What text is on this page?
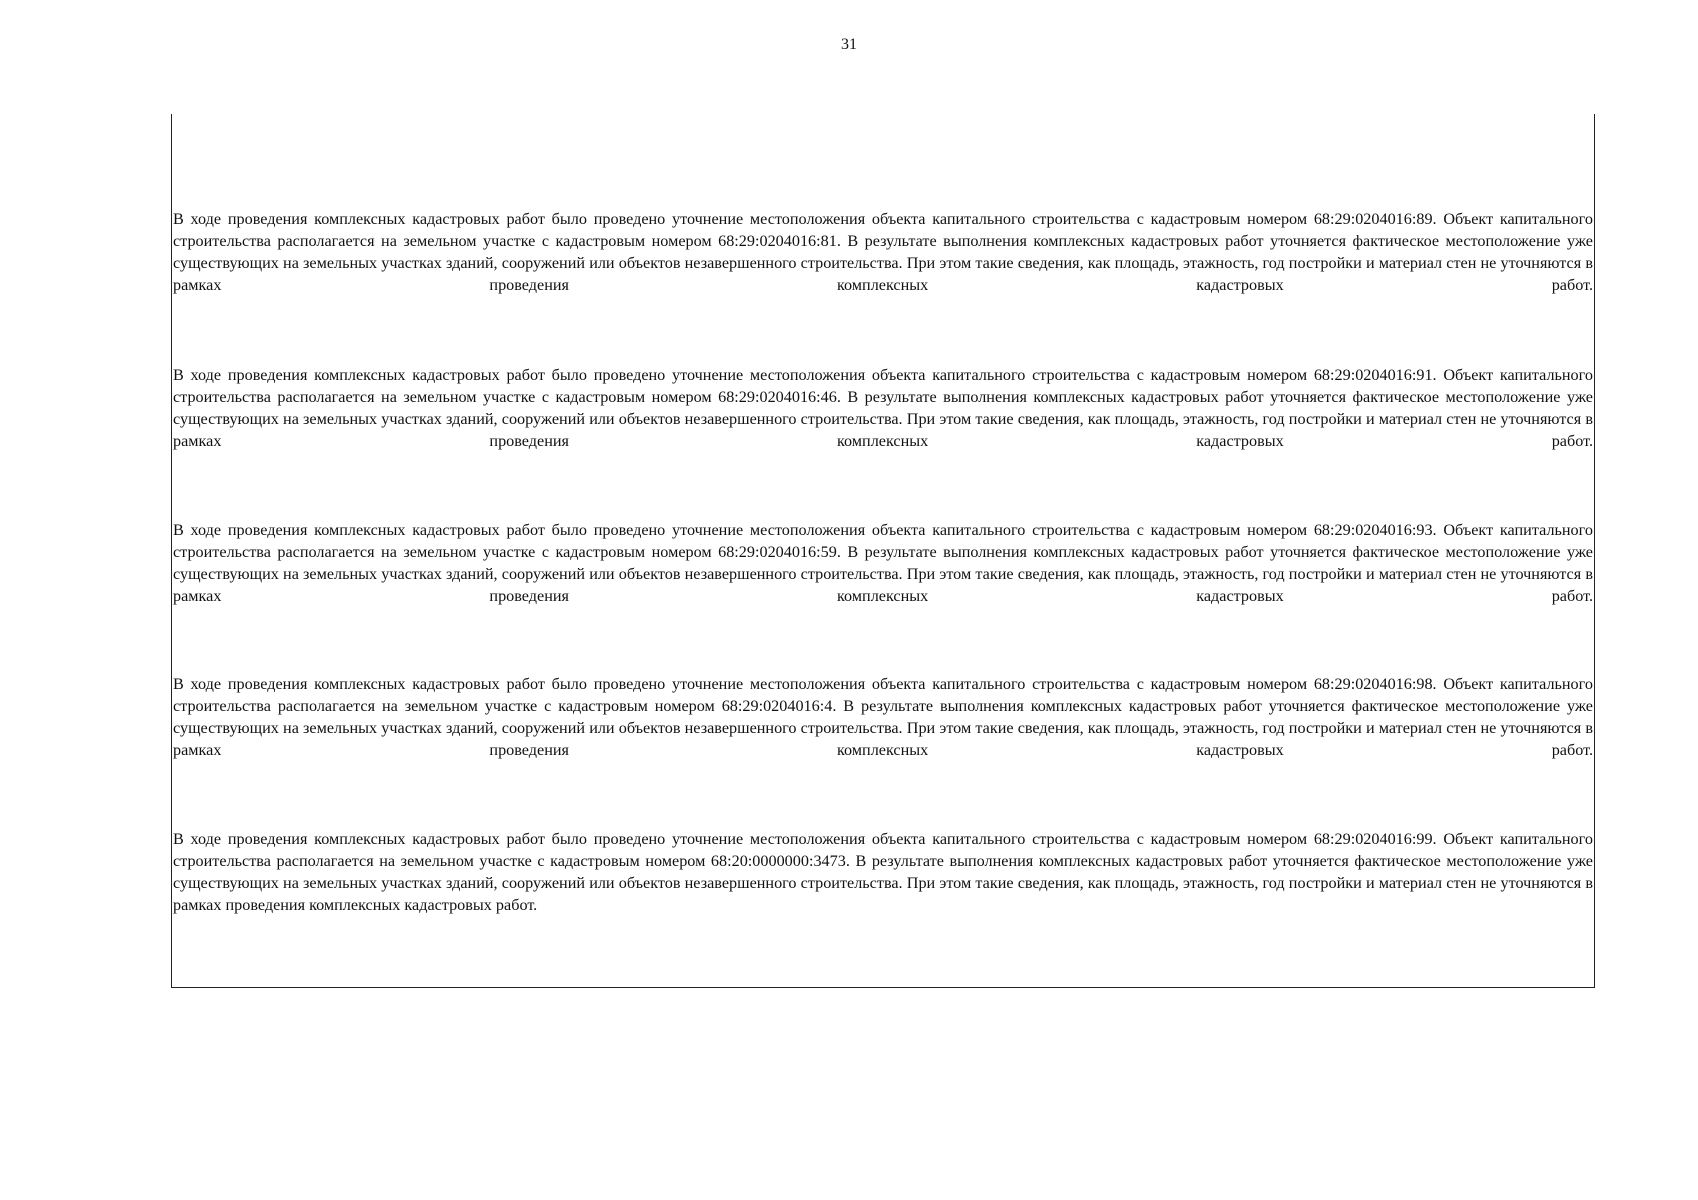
31

В ходе проведения комплексных кадастровых работ было проведено уточнение местоположения объекта капитального строительства с кадастровым номером 68:29:0204016:89. Объект капитального строительства располагается на земельном участке с кадастровым номером 68:29:0204016:81. В результате выполнения комплексных кадастровых работ уточняется фактическое местоположение уже существующих на земельных участках зданий, сооружений или объектов незавершенного строительства. При этом такие сведения, как площадь, этажность, год постройки и материал стен не уточняются в рамках проведения комплексных кадастровых работ.

В ходе проведения комплексных кадастровых работ было проведено уточнение местоположения объекта капитального строительства с кадастровым номером 68:29:0204016:91. Объект капитального строительства располагается на земельном участке с кадастровым номером 68:29:0204016:46. В результате выполнения комплексных кадастровых работ уточняется фактическое местоположение уже существующих на земельных участках зданий, сооружений или объектов незавершенного строительства. При этом такие сведения, как площадь, этажность, год постройки и материал стен не уточняются в рамках проведения комплексных кадастровых работ.

В ходе проведения комплексных кадастровых работ было проведено уточнение местоположения объекта капитального строительства с кадастровым номером 68:29:0204016:93. Объект капитального строительства располагается на земельном участке с кадастровым номером 68:29:0204016:59. В результате выполнения комплексных кадастровых работ уточняется фактическое местоположение уже существующих на земельных участках зданий, сооружений или объектов незавершенного строительства. При этом такие сведения, как площадь, этажность, год постройки и материал стен не уточняются в рамках проведения комплексных кадастровых работ.

В ходе проведения комплексных кадастровых работ было проведено уточнение местоположения объекта капитального строительства с кадастровым номером 68:29:0204016:98. Объект капитального строительства располагается на земельном участке с кадастровым номером 68:29:0204016:4. В результате выполнения комплексных кадастровых работ уточняется фактическое местоположение уже существующих на земельных участках зданий, сооружений или объектов незавершенного строительства. При этом такие сведения, как площадь, этажность, год постройки и материал стен не уточняются в рамках проведения комплексных кадастровых работ.

В ходе проведения комплексных кадастровых работ было проведено уточнение местоположения объекта капитального строительства с кадастровым номером 68:29:0204016:99. Объект капитального строительства располагается на земельном участке с кадастровым номером 68:20:0000000:3473. В результате выполнения комплексных кадастровых работ уточняется фактическое местоположение уже существующих на земельных участках зданий, сооружений или объектов незавершенного строительства. При этом такие сведения, как площадь, этажность, год постройки и материал стен не уточняются в рамках проведения комплексных кадастровых работ.
